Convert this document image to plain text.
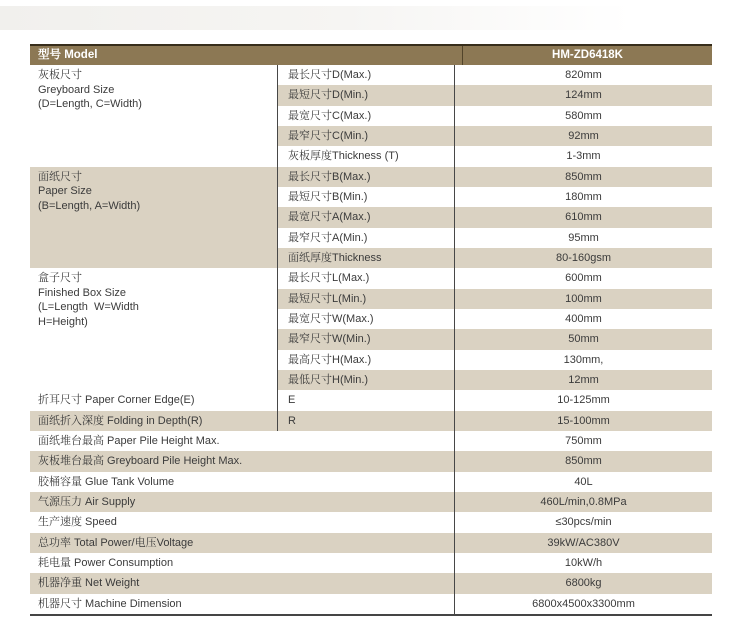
型号 Model	HM-ZD6418K
灰板尺寸
Greyboard Size
(D=Length, C=Width)
最长尺寸D(Max.)	820mm
最短尺寸D(Min.)	124mm
最宽尺寸C(Max.)	580mm
最窄尺寸C(Min.)	92mm
灰板厚度Thickness (T)	1-3mm
面纸尺寸
Paper Size
(B=Length, A=Width)
最长尺寸B(Max.)	850mm
最短尺寸B(Min.)	180mm
最宽尺寸A(Max.)	610mm
最窄尺寸A(Min.)	95mm
面纸厚度Thickness	80-160gsm
盒子尺寸
Finished Box Size
(L=Length  W=Width
H=Height)
最长尺寸L(Max.)	600mm
最短尺寸L(Min.)	100mm
最宽尺寸W(Max.)	400mm
最窄尺寸W(Min.)	50mm
最高尺寸H(Max.)	130mm,
最低尺寸H(Min.)	12mm
折耳尺寸 Paper Corner Edge(E)	E	10-125mm
面纸折入深度 Folding in Depth(R)	R	15-100mm
面纸堆台最高 Paper Pile Height Max.	750mm
灰板堆台最高 Greyboard Pile Height Max.	850mm
胶桶容量 Glue Tank Volume	40L
气源压力 Air Supply	460L/min,0.8MPa
生产速度 Speed	≤30pcs/min
总功率 Total Power/电压Voltage	39kW/AC380V
耗电量 Power Consumption	10kW/h
机器净重 Net Weight	6800kg
机器尺寸 Machine Dimension	6800x4500x3300mm
